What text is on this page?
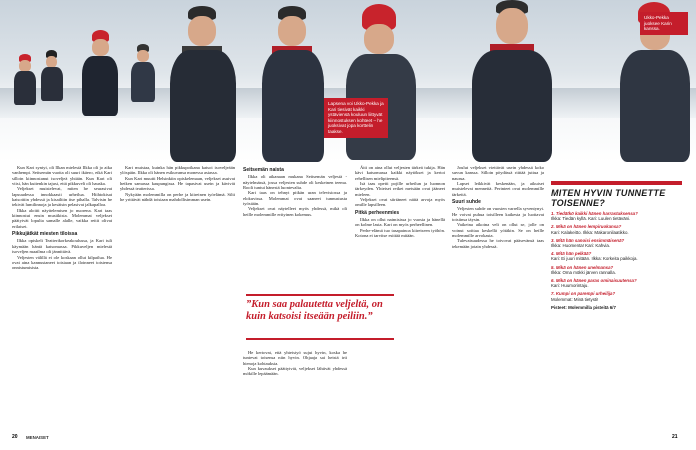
Lapsena voi Ukko-Pekka ja Kari tiesivät kaikki ystäviensä kouluun liittyvät kiinnostuksen kohteet – he juoksivat jopa korttelin taakse.
Ukko-Pekka juoksee Karin kanssa.

Kun Kari syntyi, oli Ilkan mielestä Ilkka oli jo aika vanhempi. Seitsemän vuotta oli suuri ikäero, eikä Kari silloin kiinnostanut isoveljeä yhtään. Kun Kari oli viisi, hän kuitenkin tajusi, että pikkuveli oli hauska.

Veljekset muistelevat, miten he seurasivat lapsuudessa innokkaasti urheilua. Hiihtokisat katsottiin yhdessä ja kisailtiin itse pihalla. Talvisin he tekivät lumilinnoja ja kesäisin pelasivat jalkapalloa.

Ilkka aloitti näyttelemisen jo nuorena. Kari taas kiinnostui ensin musiikista. Molemmat veljekset päätyivät lopulta samalle alalle, vaikka reitit olivat erilaiset.

Pikkujätkät miesten tiloissa

Ilkka opiskeli Teatterikorkeakoulussa, ja Kari tuli käymään häntä katsomassa. Pikkuveljen mielestä isoveljen maailma oli jännittävä.

Veljesten välillä ei ole koskaan ollut kilpailua. He ovat aina kannustaneet toisiaan ja iloinneet toistensa onnistumisista.

Kari muistaa, kuinka hän pikkupoikana katsoi isoveljeään ylöspäin. Ilkka oli hänen esikuvansa monessa asiassa.

Kun Kari muutti Helsinkiin opiskelemaan, veljekset asuivat hetken samassa kaupungissa. He tapasivat usein ja kävivät yhdessä teatterissa.

Nykyään molemmilla on perhe ja kiireinen työelämä. Silti he yrittävät nähdä toisiaan mahdollisimman usein.

Seitsemän naista

Ilkka oli aikanaan mukana Seitsemän veljestä -näytelmässä, jossa veljesten suhde oli keskeinen teema. Rooli tuntui hänestä luontevalta.

Kari taas on tehnyt pitkän uran televisiossa ja elokuvissa. Molemmat ovat saaneet tunnustusta työstään.

Veljekset ovat näytelleet myös yhdessä, mikä oli heille molemmille erityinen kokemus.

He kertovat, että yhteistyö sujui hyvin, koska he tuntevat toisensa niin hyvin. Ohjaaja sai heistä irti hienoja kohtauksia.

Kun kuvaukset päättyivät, veljekset lähtivät yhdessä mökille lepäämään.

”Kun saa palautetta veljeltä, on kuin katsoisi itseään peiliin.”

Äiti on aina ollut veljesten tärkeä tukija. Hän kävi katsomassa kaikki näytökset ja kertoi rehellisen mielipiteensä.

Isä taas opetti pojille urheilun ja luonnon tärkeyden. Yhteiset retket metsään ovat jääneet mieleen.

Veljekset ovat siirtäneet näitä arvoja myös omille lapsilleen.

Pitkä perheenmies

Ilkka on ollut naimisissa jo vuosia ja hänellä on kolme lasta. Kari on myös perheellinen.

Perhe-elämä tuo tasapainoa kiireiseen työhön. Kotona ei tarvitse esittää mitään.

Joulut veljekset viettävät usein yhdessä koko suvun kanssa. Silloin pöydässä riittää juttua ja naurua.

Lapset leikkivät keskenään, ja aikuiset muistelevat menneitä. Perinteet ovat molemmille tärkeitä.

Suuri suhde

Veljesten suhde on vuosien varrella syventynyt. He voivat puhua toisilleen kaikesta ja luottavat toisiinsa täysin.

Vaikeina aikoina veli on ollut se, jolle on voinut soittaa keskellä yötäkin. Se on heille molemmille arvokasta.

Tulevaisuudessa he toivovat pääsevänsä taas tekemään jotain yhdessä.

MITEN HYVIN TUNNETTE TOISENNE?
1. Tiedätkö kaikki hänen harrastuksensa?
Ilkka: Tiedän kyllä. Kari: Luulen tietäväni.
2. Mikä on hänen lempiruokansa?
Kari: Kalakeitto. Ilkka: Makaronilaatikko.
3. Mitä hän sanoisi ensimmäisenä?
Ilkka: Huomenta! Kari: Kahvia.
4. Mitä hän pelkää?
Kari: Ei juuri mitään. Ilkka: Korkeita paikkoja.
5. Mikä on hänen unelmansa?
Ilkka: Oma mökki järven rannalla.
6. Mikä on hänen paras ominaisuutensa?
Kari: Huumorintaju.
7. Kumpi on parempi urheilija?
Molemmat: Minä tietysti!
Pisteet: Molemmilla pisteitä 6/7
20 MENAISET	21
